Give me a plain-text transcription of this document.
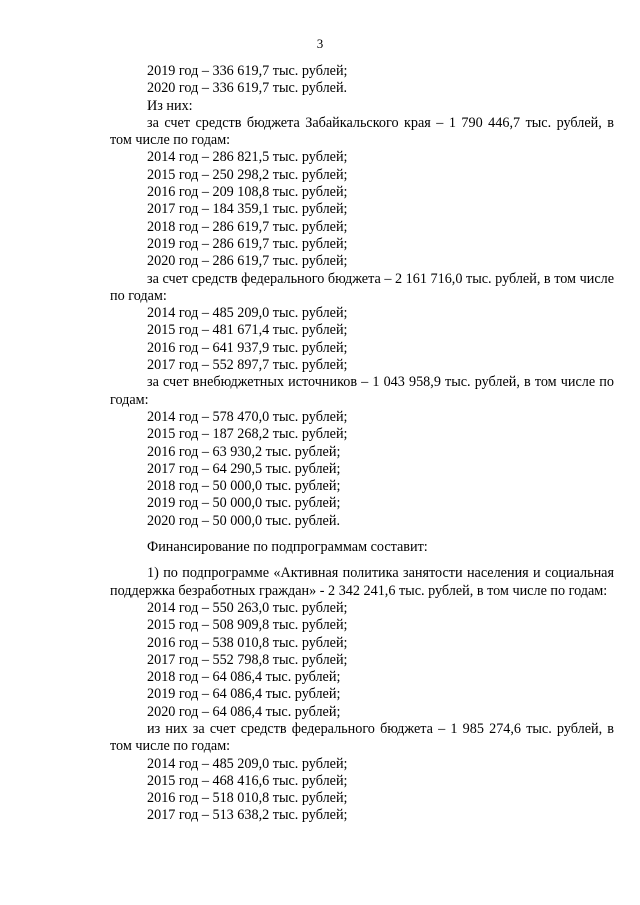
3
2019 год – 336 619,7 тыс. рублей;
2020 год – 336 619,7 тыс. рублей.
Из них:
за счет средств бюджета Забайкальского края – 1 790 446,7 тыс. рублей, в том числе по годам:
2014 год – 286 821,5 тыс. рублей;
2015 год – 250 298,2 тыс. рублей;
2016 год – 209 108,8 тыс. рублей;
2017 год – 184 359,1 тыс. рублей;
2018 год – 286 619,7 тыс. рублей;
2019 год – 286 619,7 тыс. рублей;
2020 год – 286 619,7 тыс. рублей;
за счет средств федерального бюджета – 2 161 716,0 тыс. рублей, в том числе по годам:
2014 год – 485 209,0 тыс. рублей;
2015 год – 481 671,4 тыс. рублей;
2016 год – 641 937,9 тыс. рублей;
2017 год – 552 897,7 тыс. рублей;
за счет внебюджетных источников – 1 043 958,9 тыс. рублей, в том числе по годам:
2014 год – 578 470,0 тыс. рублей;
2015 год – 187 268,2 тыс. рублей;
2016 год – 63 930,2 тыс. рублей;
2017 год – 64 290,5 тыс. рублей;
2018 год – 50 000,0 тыс. рублей;
2019 год – 50 000,0 тыс. рублей;
2020 год – 50 000,0 тыс. рублей.
Финансирование по подпрограммам составит:
1) по подпрограмме «Активная политика занятости населения и социальная поддержка безработных граждан» - 2 342 241,6 тыс. рублей, в том числе по годам:
2014 год – 550 263,0 тыс. рублей;
2015 год – 508 909,8 тыс. рублей;
2016 год – 538 010,8 тыс. рублей;
2017 год – 552 798,8 тыс. рублей;
2018 год – 64 086,4 тыс. рублей;
2019 год – 64 086,4 тыс. рублей;
2020 год – 64 086,4 тыс. рублей;
из них за счет средств федерального бюджета – 1 985 274,6 тыс. рублей, в том числе по годам:
2014 год – 485 209,0 тыс. рублей;
2015 год – 468 416,6 тыс. рублей;
2016 год – 518 010,8 тыс. рублей;
2017 год – 513 638,2 тыс. рублей;
